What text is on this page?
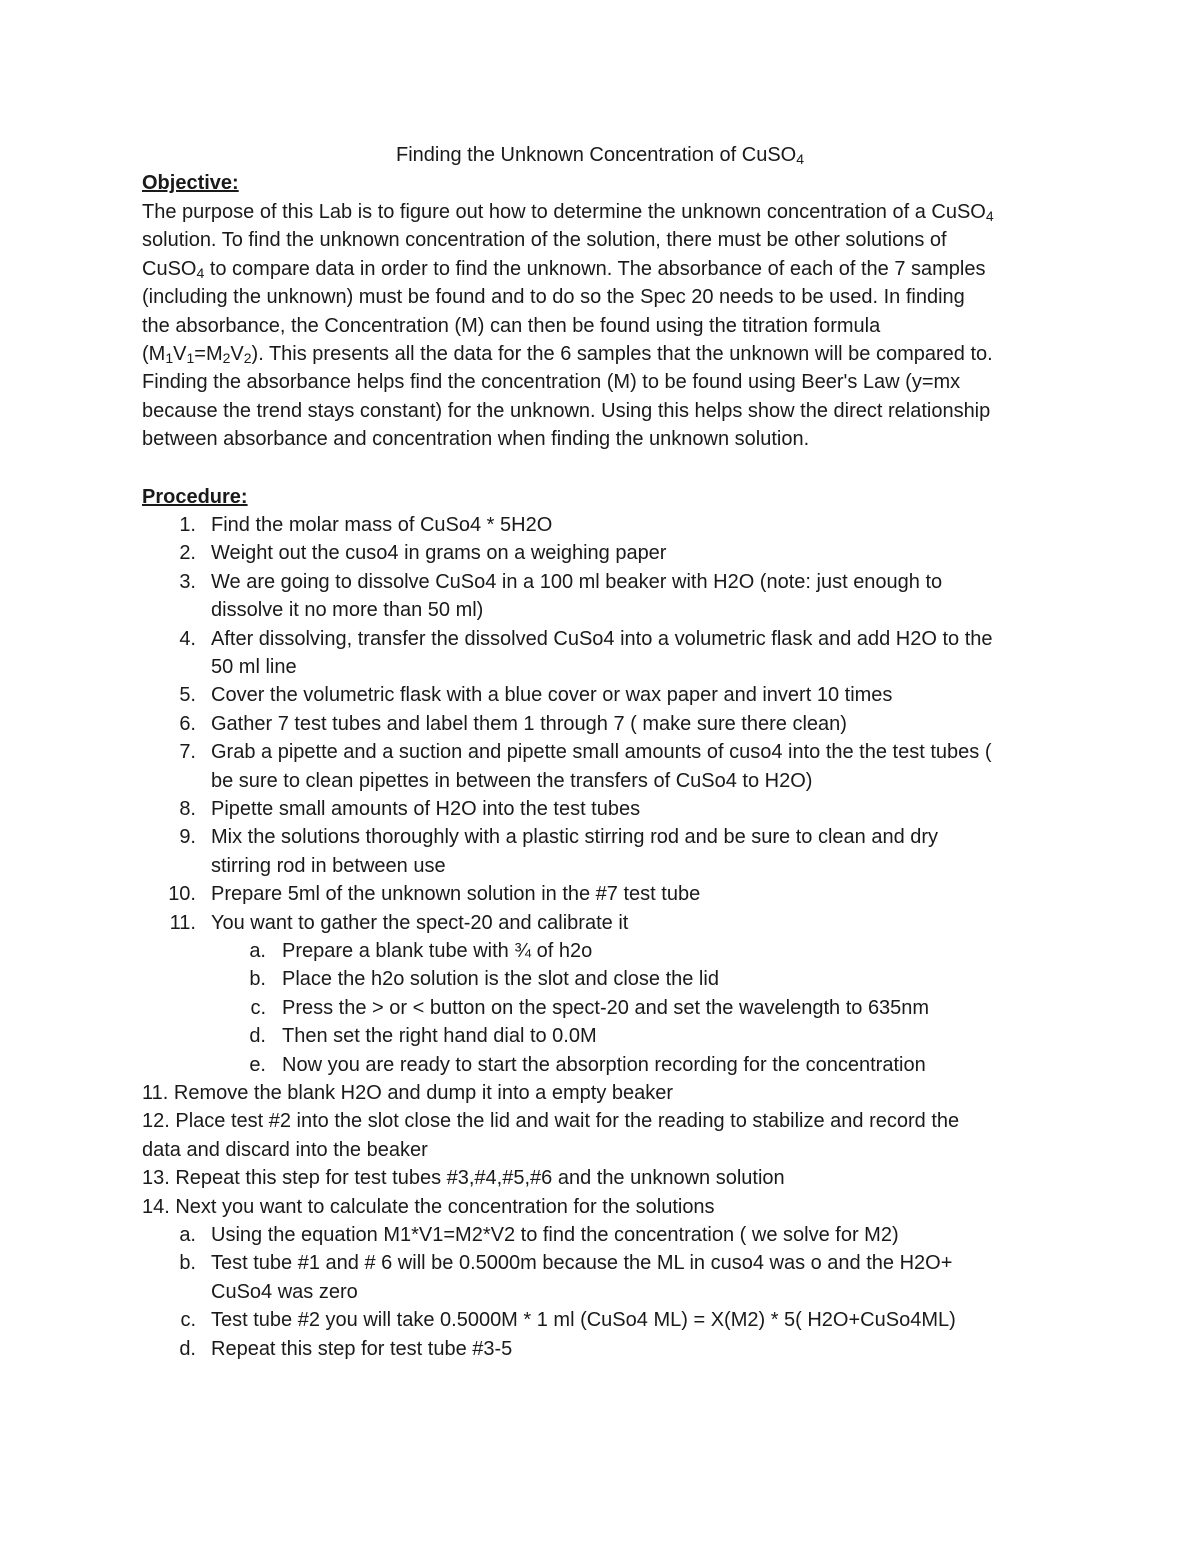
Finding the Unknown Concentration of CuSO$_4$
Objective:
The purpose of this Lab is to figure out how to determine the unknown concentration of a CuSO$_4$
solution. To find the unknown concentration of the solution, there must be other solutions of
CuSO$_4$ to compare data in order to find the unknown. The absorbance of each of the 7 samples
(including the unknown) must be found and to do so the Spec 20 needs to be used. In finding
the absorbance, the Concentration (M) can then be found using the titration formula
$(M_1V_1=M_2V_2)$. This presents all the data for the 6 samples that the unknown will be compared to.
Finding the absorbance helps find the concentration (M) to be found using Beer's Law (y=mx
because the trend stays constant) for the unknown. Using this helps show the direct relationship
between absorbance and concentration when finding the unknown solution.
Procedure:
1. Find the molar mass of CuSo4 * 5H2O
2. Weight out the cuso4 in grams on a weighing paper
3. We are going to dissolve CuSo4 in a 100 ml beaker with H2O (note: just enough to
dissolve it no more than 50 ml)
4. After dissolving, transfer the dissolved CuSo4 into a volumetric flask and add H2O to the
50 ml line
5. Cover the volumetric flask with a blue cover or wax paper and invert 10 times
6. Gather 7 test tubes and label them 1 through 7 ( make sure there clean)
7. Grab a pipette and a suction and pipette small amounts of cuso4 into the the test tubes (
be sure to clean pipettes in between the transfers of CuSo4 to H2O)
8. Pipette small amounts of H2O into the test tubes
9. Mix the solutions thoroughly with a plastic stirring rod and be sure to clean and dry
stirring rod in between use
10. Prepare 5ml of the unknown solution in the #7 test tube
11. You want to gather the spect-20 and calibrate it
a. Prepare a blank tube with ¾ of h2o
b. Place the h2o solution is the slot and close the lid
c. Press the > or < button on the spect-20 and set the wavelength to 635nm
d. Then set the right hand dial to 0.0M
e. Now you are ready to start the absorption recording for the concentration
11. Remove the blank H2O and dump it into a empty beaker
12. Place test #2 into the slot close the lid and wait for the reading to stabilize and record the
data and discard into the beaker
13. Repeat this step for test tubes #3,#4,#5,#6 and the unknown solution
14. Next you want to calculate the concentration for the solutions
a. Using the equation M1*V1=M2*V2 to find the concentration ( we solve for M2)
b. Test tube #1 and # 6 will be 0.5000m because the ML in cuso4 was o and the H2O+
CuSo4 was zero
c. Test tube #2 you will take 0.5000M * 1 ml (CuSo4 ML) = X(M2) * 5( H2O+CuSo4ML)
d. Repeat this step for test tube #3-5
